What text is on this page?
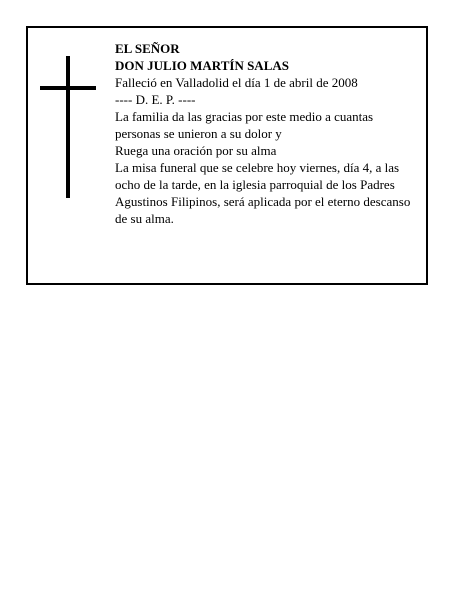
EL SEÑOR

DON JULIO MARTÍN SALAS

Falleció en Valladolid el día 1 de abril de 2008

---- D. E. P. ----

La familia da las gracias por este medio a cuantas personas se unieron a su dolor y

Ruega una oración por su alma

La misa funeral que se celebre hoy viernes, día 4, a las ocho de la tarde, en la iglesia parroquial de los Padres Agustinos Filipinos, será aplicada por el eterno descanso de su alma.
